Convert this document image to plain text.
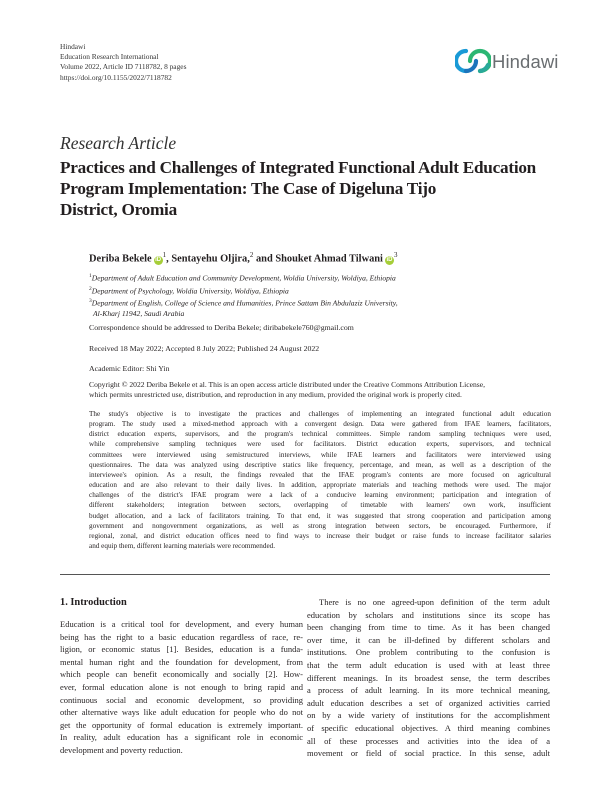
Hindawi
Education Research International
Volume 2022, Article ID 7118782, 8 pages
https://doi.org/10.1155/2022/7118782
Hindawi
Research Article
Practices and Challenges of Integrated Functional Adult Education
Program Implementation: The Case of Digeluna Tijo
District, Oromia
Deriba Bekele $iD^1$, Sentayehu Oljira,$^2$ and Shouket Ahmad Tilwani $iD^3$
$^1$Department of Adult Education and Community Development, Woldia University, Woldiya, Ethiopia
$^2$Department of Psychology, Woldia University, Woldiya, Ethiopia
$^3$Department of English, College of Science and Humanities, Prince Sattam Bin Abdulaziz University,
Al-Kharj 11942, Saudi Arabia
Correspondence should be addressed to Deriba Bekele; diribabekele760@gmail.com
Received 18 May 2022; Accepted 8 July 2022; Published 24 August 2022
Academic Editor: Shi Yin
Copyright © 2022 Deriba Bekele et al. This is an open access article distributed under the Creative Commons Attribution License,
which permits unrestricted use, distribution, and reproduction in any medium, provided the original work is properly cited.
The study's objective is to investigate the practices and challenges of implementing an integrated functional adult education
program. The study used a mixed-method approach with a convergent design. Data were gathered from IFAE learners, facilitators,
district education experts, supervisors, and the program's technical committees. Simple random sampling techniques were used,
while comprehensive sampling techniques were used for facilitators. District education experts, supervisors, and technical
committees were interviewed using semistructured interviews, while IFAE learners and facilitators were interviewed using
questionnaires. The data was analyzed using descriptive statics like frequency, percentage, and mean, as well as a description of the
interviewee's opinion. As a result, the findings revealed that the IFAE program's contents are more focused on agricultural
education and are also relevant to their daily lives. In addition, appropriate materials and teaching methods were used. The major
challenges of the district's IFAE program were a lack of a conducive learning environment; participation and integration of
different stakeholders; integration between sectors, overlapping of timetable with learners' own work, insufficient
budget allocation, and a lack of facilitators training. To that end, it was suggested that strong cooperation and participation among
government and nongovernment organizations, as well as strong integration between sectors, be encouraged. Furthermore, if
regional, zonal, and district education offices need to find ways to increase their budget or raise funds to increase facilitator salaries
and equip them, different learning materials were recommended.
1. Introduction
Education is a critical tool for development, and every human
being has the right to a basic education regardless of race, re-
ligion, or economic status [1]. Besides, education is a funda-
mental human right and the foundation for development, from
which people can benefit economically and socially [2]. How-
ever, formal education alone is not enough to bring rapid and
continuous social and economic development, so providing
other alternative ways like adult education for people who do not
get the opportunity of formal education is extremely important.
In reality, adult education has a significant role in economic
development and poverty reduction.
There is no one agreed-upon definition of the term adult
education by scholars and institutions since its scope has
been changing from time to time. As it has been changed
over time, it can be ill-defined by different scholars and
institutions. One problem contributing to the confusion is
that the term adult education is used with at least three
different meanings. In its broadest sense, the term describes
a process of adult learning. In its more technical meaning,
adult education describes a set of organized activities carried
on by a wide variety of institutions for the accomplishment
of specific educational objectives. A third meaning combines
all of these processes and activities into the idea of a
movement or field of social practice. In this sense, adult
